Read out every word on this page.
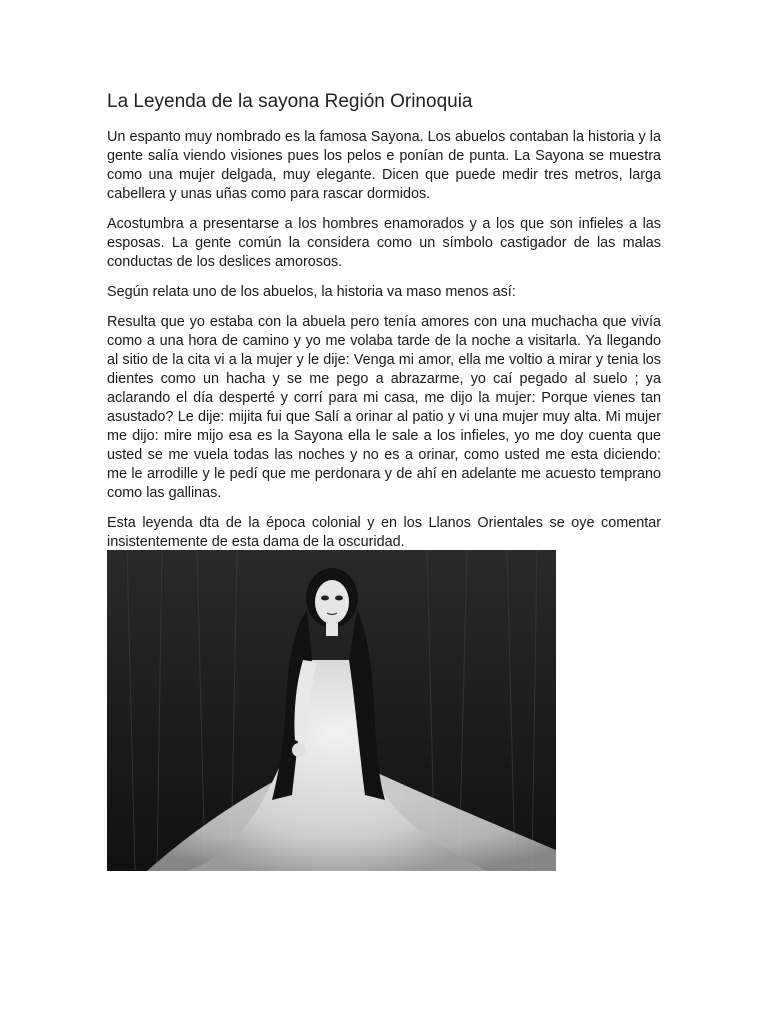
La Leyenda de la sayona Región Orinoquia

Un espanto muy nombrado es la famosa Sayona. Los abuelos contaban la historia y la gente salía viendo visiones pues los pelos e ponían de punta. La Sayona se muestra como una mujer delgada, muy elegante. Dicen que puede medir tres metros, larga cabellera y unas uñas como para rascar dormidos.

Acostumbra a presentarse a los hombres enamorados y a los que son infieles a las esposas. La gente común la considera como un símbolo castigador de las malas conductas de los deslices amorosos.

Según relata uno de los abuelos, la historia va maso menos así:

Resulta que yo estaba con la abuela pero tenía amores con una muchacha que vivía como a una hora de camino y yo me volaba tarde de la noche a visitarla. Ya llegando al sitio de la cita vi a la mujer y le dije: Venga mi amor, ella me voltio a mirar y tenia los dientes como un hacha y se me pego a abrazarme, yo caí pegado al suelo ; ya aclarando el día desperté y corrí para mi casa, me dijo la mujer: Porque vienes tan asustado? Le dije: mijita fui que Salí a orinar al patio y vi una mujer muy alta. Mi mujer me dijo: mire mijo esa es la Sayona ella le sale a los infieles, yo me doy cuenta que usted se me vuela todas las noches y no es a orinar, como usted me esta diciendo: me le arrodille y le pedí que me perdonara y de ahí en adelante me acuesto temprano como las gallinas.

Esta leyenda dta de la época colonial y en los Llanos Orientales se oye comentar insistentemente de esta dama de la oscuridad.
